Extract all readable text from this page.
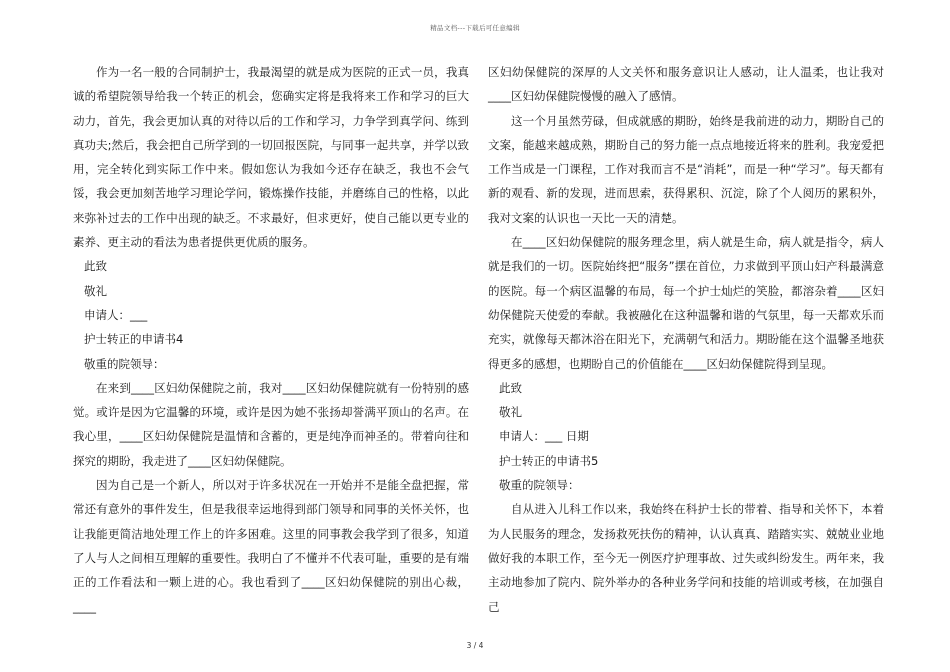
精品文档---下载后可任意编辑

作为一名一般的合同制护士，我最渴望的就是成为医院的正式一员，我真诚的希望院领导给我一个转正的机会，您确实定将是我将来工作和学习的巨大动力，首先，我会更加认真的对待以后的工作和学习，力争学到真学问、练到真功夫;然后，我会把自己所学到的一切回报医院，与同事一起共享，并学以致用，完全转化到实际工作中来。假如您认为我如今还存在缺乏，我也不会气馁，我会更加刻苦地学习理论学问，锻炼操作技能，并磨练自己的性格，以此来弥补过去的工作中出现的缺乏。不求最好，但求更好，使自己能以更专业的素养、更主动的看法为患者提供更优质的服务。

此致

敬礼

申请人：___

护士转正的申请书4

敬重的院领导：

在来到____区妇幼保健院之前，我对____区妇幼保健院就有一份特别的感觉。或许是因为它温馨的环境，或许是因为她不张扬却誉满平顶山的名声。在我心里，____区妇幼保健院是温情和含蓄的，更是纯净而神圣的。带着向往和探究的期盼，我走进了____区妇幼保健院。

因为自己是一个新人，所以对于许多状况在一开始并不是能全盘把握，常常还有意外的事件发生，但是我很幸运地得到部门领导和同事的关怀关怀，也让我能更简洁地处理工作上的许多困难。这里的同事教会我学到了很多，知道了人与人之间相互理解的重要性。我明白了不懂并不代表可耻，重要的是有端正的工作看法和一颗上进的心。我也看到了____区妇幼保健院的别出心裁，____

区妇幼保健院的深厚的人文关怀和服务意识让人感动，让人温柔，也让我对____区妇幼保健院慢慢的融入了感情。

这一个月虽然劳碌，但成就感的期盼，始终是我前进的动力，期盼自己的文案，能越来越成熟，期盼自己的努力能一点点地接近将来的胜利。我宠爱把工作当成是一门课程，工作对我而言不是“消耗”，而是一种“学习”。每天都有新的观看、新的发现，进而思索，获得累积、沉淀，除了个人阅历的累积外，我对文案的认识也一天比一天的清楚。

在____区妇幼保健院的服务理念里，病人就是生命，病人就是指令，病人就是我们的一切。医院始终把“服务”摆在首位，力求做到平顶山妇产科最满意的医院。每一个病区温馨的布局，每一个护士灿烂的笑脸，都溶杂着____区妇幼保健院天使爱的奉献。我被融化在这种温馨和谐的气氛里，每一天都欢乐而充实，就像每天都沐浴在阳光下，充满朝气和活力。期盼能在这个温馨圣地获得更多的感想，也期盼自己的价值能在____区妇幼保健院得到呈现。

此致

敬礼

申请人：___ 日期

护士转正的申请书5

敬重的院领导：

自从进入儿科工作以来，我始终在科护士长的带着、指导和关怀下，本着为人民服务的理念，发扬救死扶伤的精神，认认真真、踏踏实实、兢兢业业地做好我的本职工作，至今无一例医疗护理事故、过失或纠纷发生。两年来，我主动地参加了院内、院外举办的各种业务学问和技能的培训或考核，在加强自己

3 / 4
